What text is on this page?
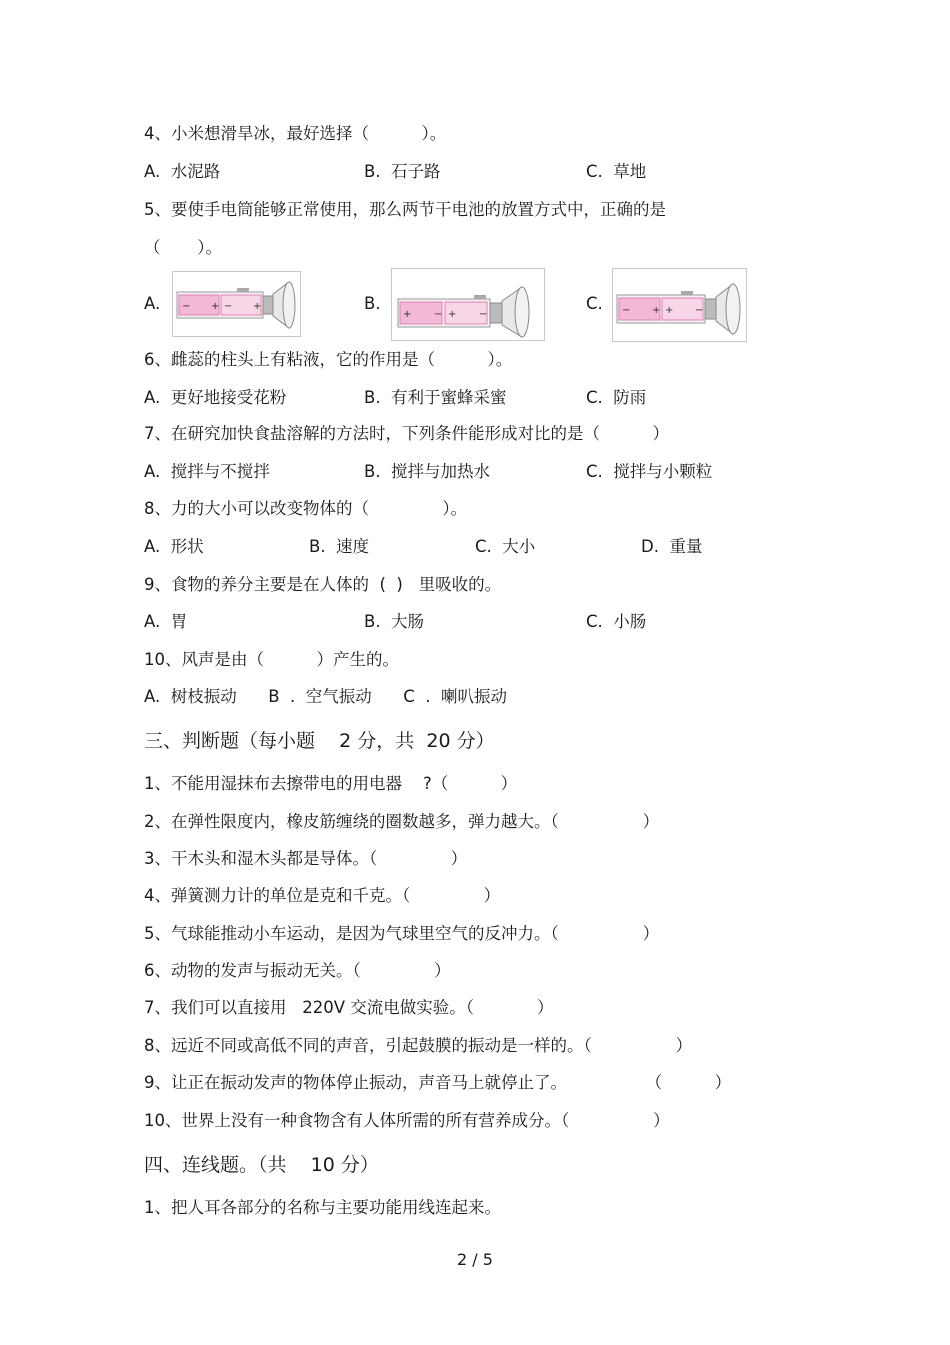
4、小米想滑旱冰，最好选择（          ）。
A.  水泥路	B.  石子路	C.  草地
5、要使手电筒能够正常使用，那么两节干电池的放置方式中，正确的是
（       ）。
A. − + − +	B.
+ − + −
C. − + + −
6、雌蕊的柱头上有粘液，它的作用是（          ）。
A.  更好地接受花粉	B.  有利于蜜蜂采蜜	C.  防雨
7、在研究加快食盐溶解的方法时，下列条件能形成对比的是（          ）
A.  搅拌与不搅拌	B.  搅拌与加热水	C.  搅拌与小颗粒
8、力的大小可以改变物体的（              ）。
A.  形状	B.  速度	C.  大小	D.  重量
9、食物的养分主要是在人体的  (  )   里吸收的。
A.  胃	B.  大肠	C.  小肠
10、风声是由（          ）产生的。
A.  树枝振动      B  .  空气振动      C  .  喇叭振动
三、判断题（每小题    2 分，共  20 分）
1、不能用湿抹布去擦带电的用电器    ?（          ）
2、在弹性限度内，橡皮筋缠绕的圈数越多，弹力越大。（                ）
3、干木头和湿木头都是导体。（              ）
4、弹簧测力计的单位是克和千克。（              ）
5、气球能推动小车运动，是因为气球里空气的反冲力。（                ）
6、动物的发声与振动无关。（              ）
7、我们可以直接用   220V 交流电做实验。（            ）
8、远近不同或高低不同的声音，引起鼓膜的振动是一样的。（                ）
9、让正在振动发声的物体停止振动，声音马上就停止了。               （          ）
10、世界上没有一种食物含有人体所需的所有营养成分。（                ）
四、连线题。（共    10 分）
1、把人耳各部分的名称与主要功能用线连起来。
2 / 5
